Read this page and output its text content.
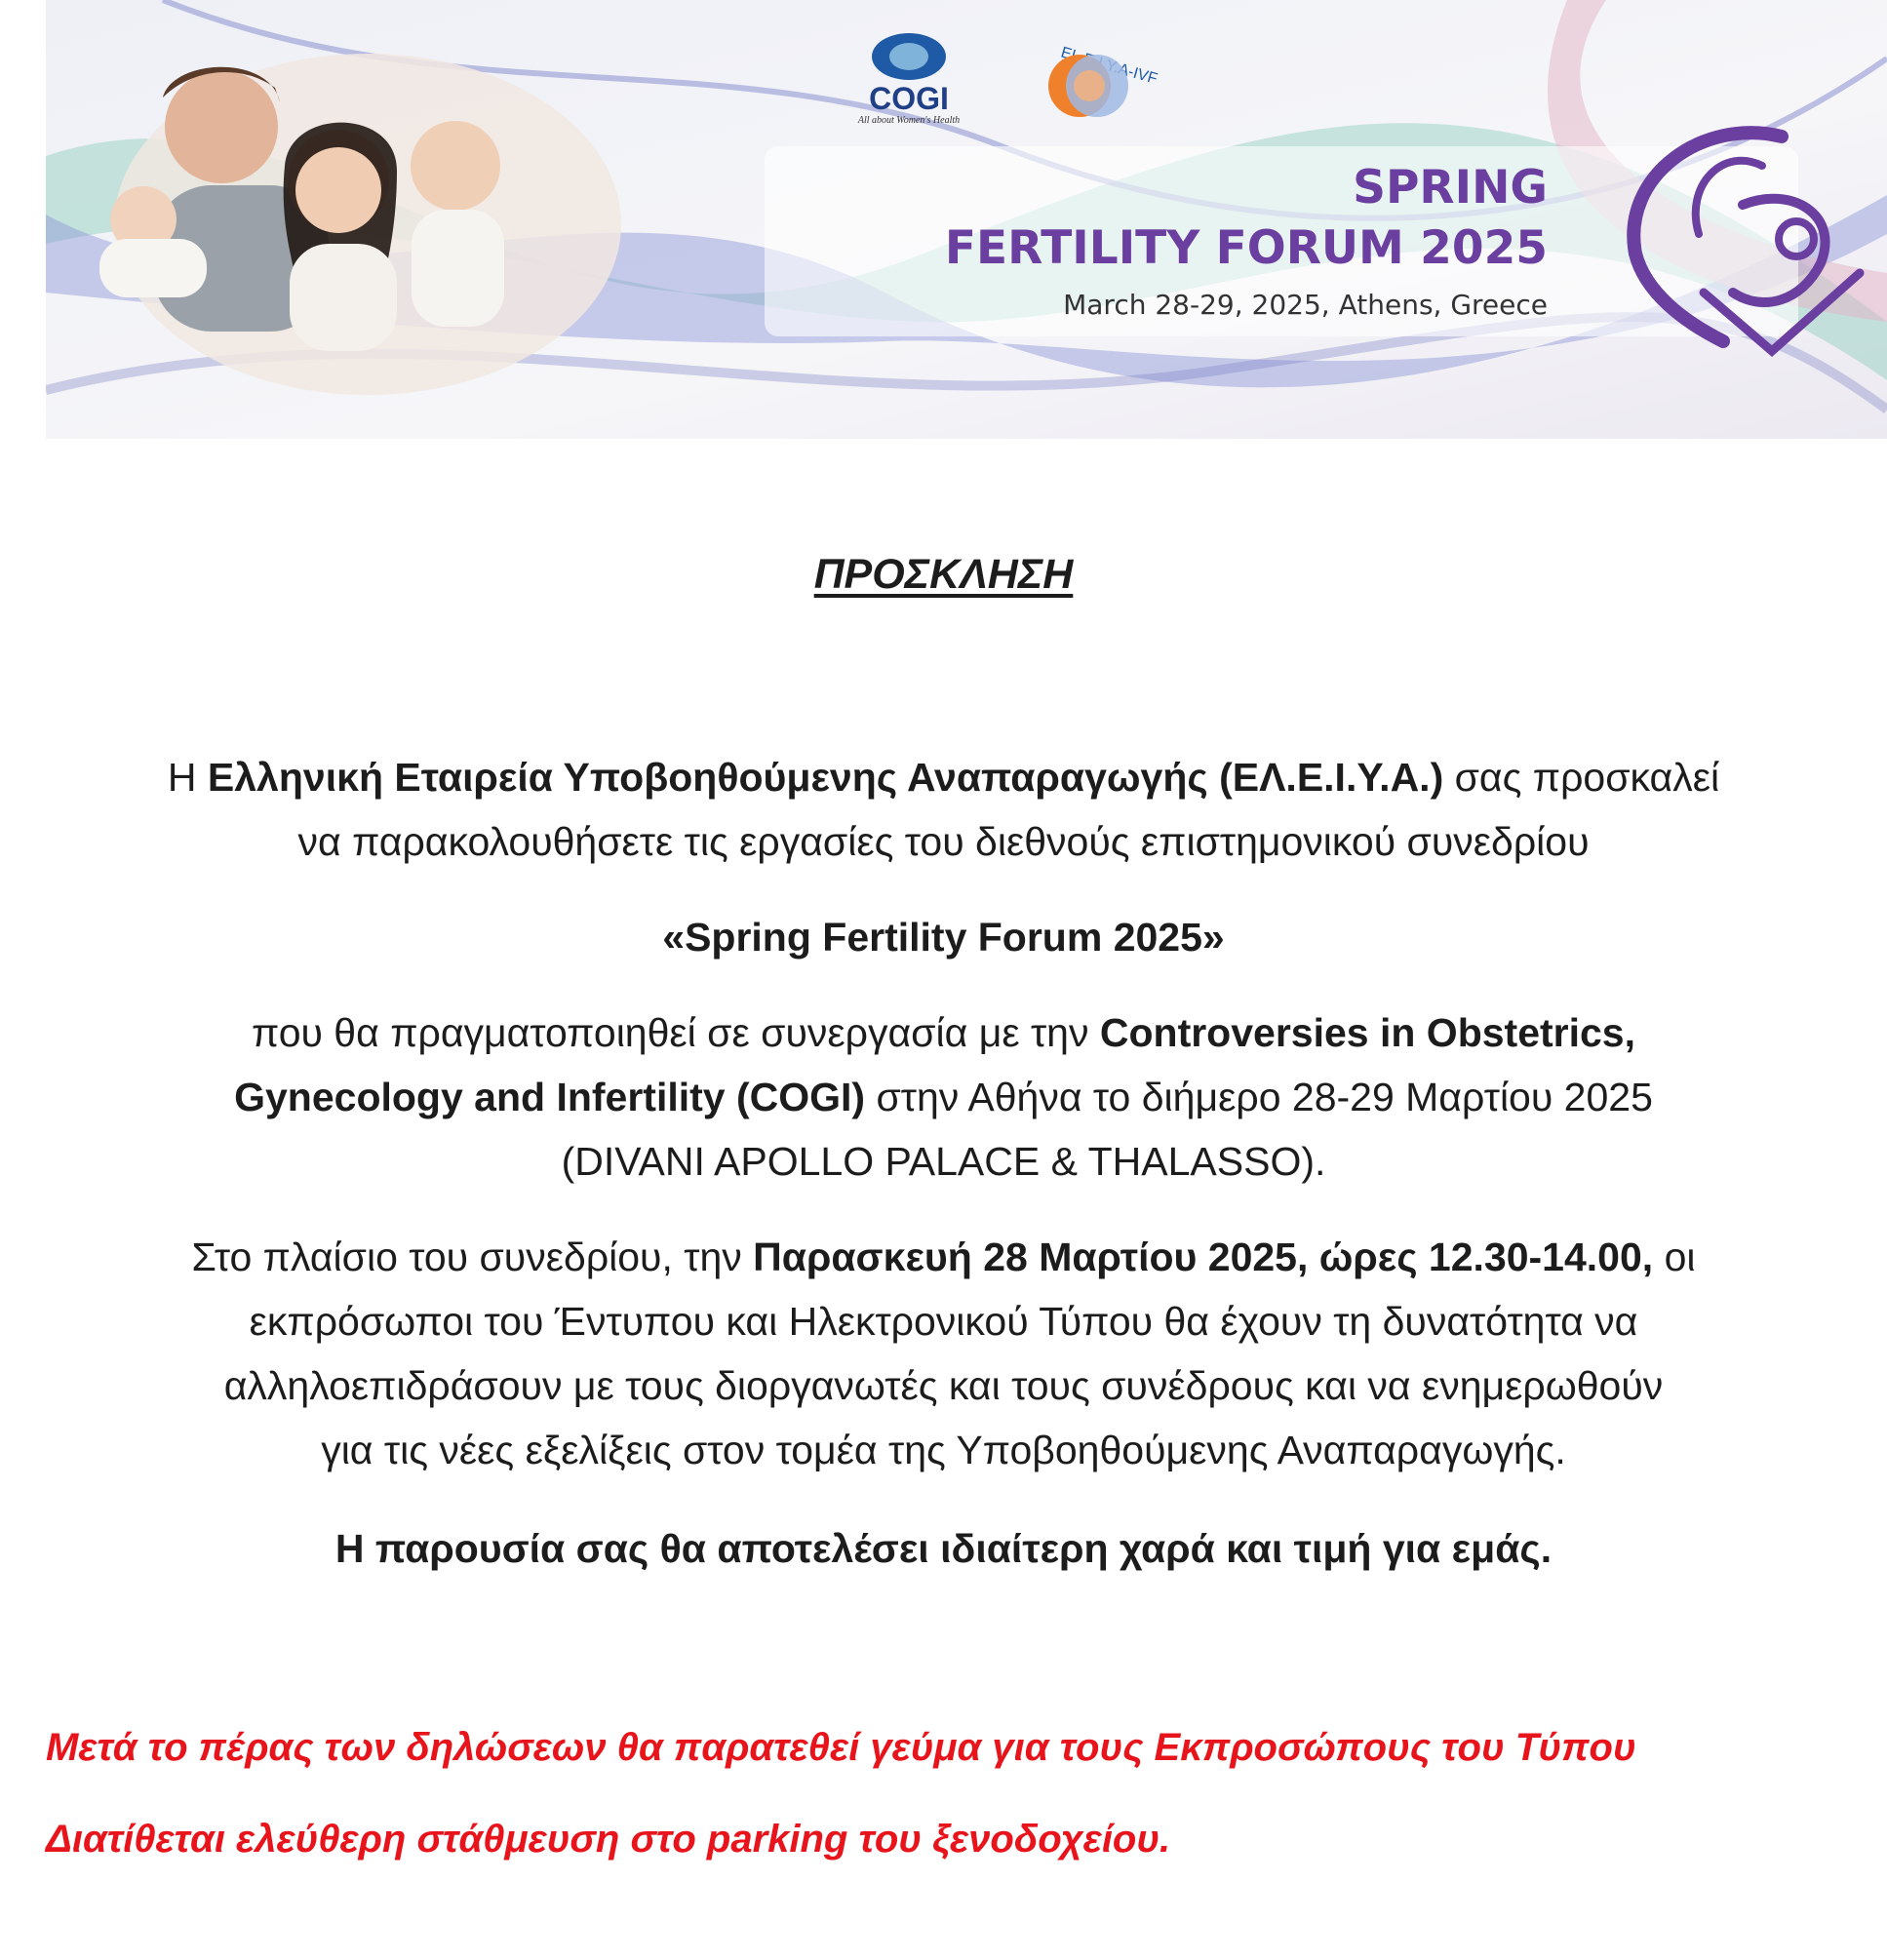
COGI
All about Women's Health
SPRING
FERTILITY FORUM 2025
March 28-29, 2025, Athens, Greece

ΠΡΟΣΚΛΗΣΗ

Η Ελληνική Εταιρεία Υποβοηθούμενης Αναπαραγωγής (ΕΛ.Ε.Ι.Υ.Α.) σας προσκαλεί

να παρακολουθήσετε τις εργασίες του διεθνούς επιστημονικού συνεδρίου

«Spring Fertility Forum 2025»

που θα πραγματοποιηθεί σε συνεργασία με την Controversies in Obstetrics,

Gynecology and Infertility (COGI) στην Αθήνα το διήμερο 28-29 Μαρτίου 2025

(DIVANI APOLLO PALACE & THALASSO).

Στο πλαίσιο του συνεδρίου, την Παρασκευή 28 Μαρτίου 2025, ώρες 12.30-14.00, οι

εκπρόσωποι του Έντυπου και Ηλεκτρονικού Τύπου θα έχουν τη δυνατότητα να

αλληλοεπιδράσουν με τους διοργανωτές και τους συνέδρους και να ενημερωθούν

για τις νέες εξελίξεις στον τομέα της Υποβοηθούμενης Αναπαραγωγής.

Η παρουσία σας θα αποτελέσει ιδιαίτερη χαρά και τιμή για εμάς.

Μετά το πέρας των δηλώσεων θα παρατεθεί γεύμα για τους Εκπροσώπους του Τύπου

Διατίθεται ελεύθερη στάθμευση στο parking του ξενοδοχείου.
